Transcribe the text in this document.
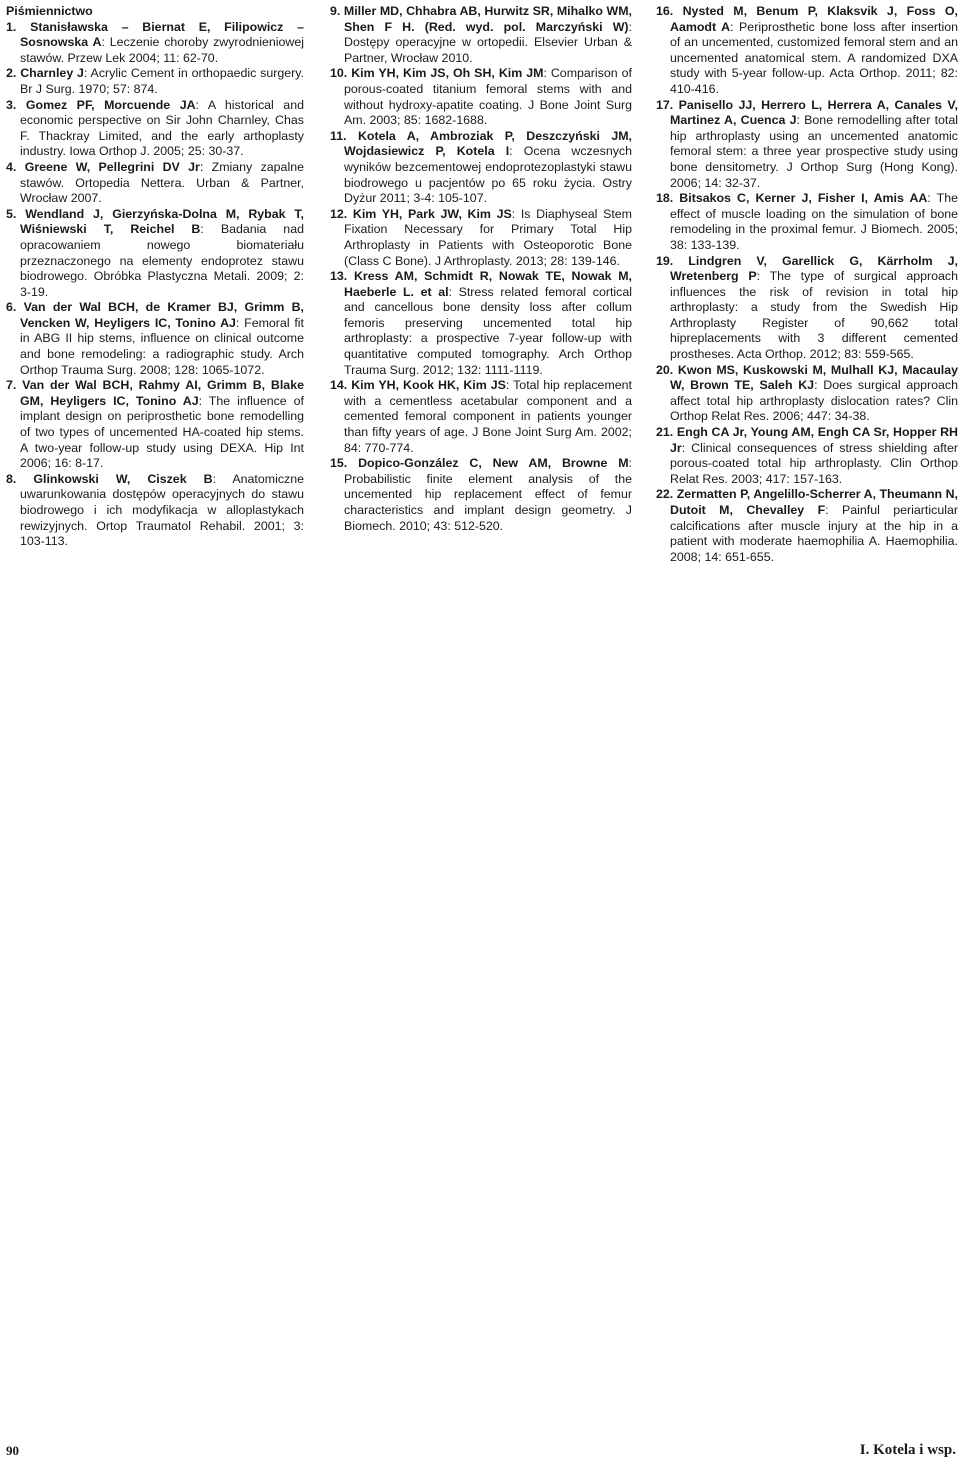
Piśmiennictwo

1. Stanisławska – Biernat E, Filipowicz – Sosnowska A: Leczenie choroby zwyrodnieniowej stawów. Przew Lek 2004; 11: 62-70.

2. Charnley J: Acrylic Cement in orthopaedic surgery. Br J Surg. 1970; 57: 874.

3. Gomez PF, Morcuende JA: A historical and economic perspective on Sir John Charnley, Chas F. Thackray Limited, and the early arthoplasty industry. Iowa Orthop J. 2005; 25: 30-37.

4. Greene W, Pellegrini DV Jr: Zmiany zapalne stawów. Ortopedia Nettera. Urban & Partner, Wrocław 2007.

5. Wendland J, Gierzyńska-Dolna M, Rybak T, Wiśniewski T, Reichel B: Badania nad opracowaniem nowego biomateriału przeznaczonego na elementy endoprotez stawu biodrowego. Obróbka Plastyczna Metali. 2009; 2: 3-19.

6. Van der Wal BCH, de Kramer BJ, Grimm B, Vencken W, Heyligers IC, Tonino AJ: Femoral fit in ABG II hip stems, influence on clinical outcome and bone remodeling: a radiographic study. Arch Orthop Trauma Surg. 2008; 128: 1065-1072.

7. Van der Wal BCH, Rahmy AI, Grimm B, Blake GM, Heyligers IC, Tonino AJ: The influence of implant design on periprosthetic bone remodelling of two types of uncemented HA-coated hip stems. A two-year follow-up study using DEXA. Hip Int 2006; 16: 8-17.

8. Glinkowski W, Ciszek B: Anatomiczne uwarunkowania dostępów operacyjnych do stawu biodrowego i ich modyfikacja w alloplastykach rewizyjnych. Ortop Traumatol Rehabil. 2001; 3: 103-113.

9. Miller MD, Chhabra AB, Hurwitz SR, Mihalko WM, Shen F H. (Red. wyd. pol. Marczyński W): Dostępy operacyjne w ortopedii. Elsevier Urban & Partner, Wrocław 2010.

10. Kim YH, Kim JS, Oh SH, Kim JM: Comparison of porous-coated titanium femoral stems with and without hydroxy-apatite coating. J Bone Joint Surg Am. 2003; 85: 1682-1688.

11. Kotela A, Ambroziak P, Deszczyński JM, Wojdasiewicz P, Kotela I: Ocena wczesnych wyników bezcementowej endoprotezoplastyki stawu biodrowego u pacjentów po 65 roku życia. Ostry Dyżur 2011; 3-4: 105-107.

12. Kim YH, Park JW, Kim JS: Is Diaphyseal Stem Fixation Necessary for Primary Total Hip Arthroplasty in Patients with Osteoporotic Bone (Class C Bone). J Arthroplasty. 2013; 28: 139-146.

13. Kress AM, Schmidt R, Nowak TE, Nowak M, Haeberle L. et al: Stress related femoral cortical and cancellous bone density loss after collum femoris preserving uncemented total hip arthroplasty: a prospective 7-year follow-up with quantitative computed tomography. Arch Orthop Trauma Surg. 2012; 132: 1111-1119.

14. Kim YH, Kook HK, Kim JS: Total hip replacement with a cementless acetabular component and a cemented femoral component in patients younger than fifty years of age. J Bone Joint Surg Am. 2002; 84: 770-774.

15. Dopico-González C, New AM, Browne M: Probabilistic finite element analysis of the uncemented hip replacement effect of femur characteristics and implant design geometry. J Biomech. 2010; 43: 512-520.

16. Nysted M, Benum P, Klaksvik J, Foss O, Aamodt A: Periprosthetic bone loss after insertion of an uncemented, customized femoral stem and an uncemented anatomical stem. A randomized DXA study with 5-year follow-up. Acta Orthop. 2011; 82: 410-416.

17. Panisello JJ, Herrero L, Herrera A, Canales V, Martinez A, Cuenca J: Bone remodelling after total hip arthroplasty using an uncemented anatomic femoral stem: a three year prospective study using bone densitometry. J Orthop Surg (Hong Kong). 2006; 14: 32-37.

18. Bitsakos C, Kerner J, Fisher I, Amis AA: The effect of muscle loading on the simulation of bone remodeling in the proximal femur. J Biomech. 2005; 38: 133-139.

19. Lindgren V, Garellick G, Kärrholm J, Wretenberg P: The type of surgical approach influences the risk of revision in total hip arthroplasty: a study from the Swedish Hip Arthroplasty Register of 90,662 total hipreplacements with 3 different cemented prostheses. Acta Orthop. 2012; 83: 559-565.

20. Kwon MS, Kuskowski M, Mulhall KJ, Macaulay W, Brown TE, Saleh KJ: Does surgical approach affect total hip arthroplasty dislocation rates? Clin Orthop Relat Res. 2006; 447: 34-38.

21. Engh CA Jr, Young AM, Engh CA Sr, Hopper RH Jr: Clinical consequences of stress shielding after porous-coated total hip arthroplasty. Clin Orthop Relat Res. 2003; 417: 157-163.

22. Zermatten P, Angelillo-Scherrer A, Theumann N, Dutoit M, Chevalley F: Painful periarticular calcifications after muscle injury at the hip in a patient with moderate haemophilia A. Haemophilia. 2008; 14: 651-655.

90	I. Kotela i wsp.
